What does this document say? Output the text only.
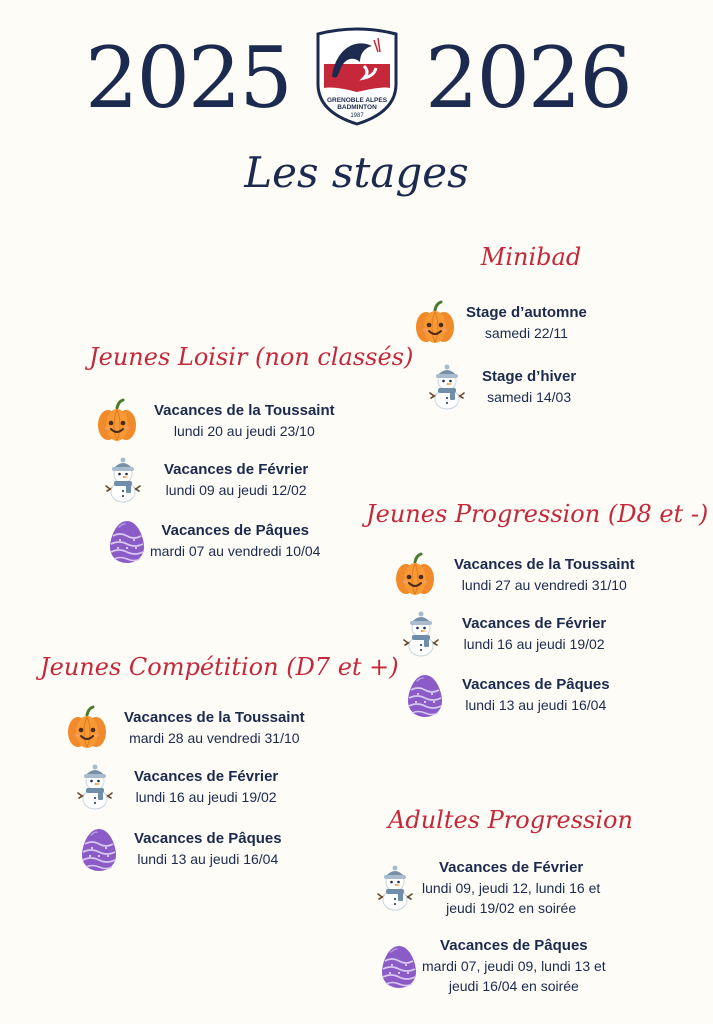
2025 2026
GRENOBLE ALPES
BADMINTON
1987
Les stages
Minibad
Stage d’automne
samedi 22/11
Stage d’hiver
samedi 14/03
Jeunes Loisir (non classés)
Vacances de la Toussaint
lundi 20 au jeudi 23/10
Vacances de Février
lundi 09 au jeudi 12/02
Vacances de Pâques
mardi 07 au vendredi 10/04
Jeunes Progression (D8 et -)
Vacances de la Toussaint
lundi 27 au vendredi 31/10
Vacances de Février
lundi 16 au jeudi 19/02
Vacances de Pâques
lundi 13 au jeudi 16/04
Jeunes Compétition (D7 et +)
Vacances de la Toussaint
mardi 28 au vendredi 31/10
Vacances de Février
lundi 16 au jeudi 19/02
Vacances de Pâques
lundi 13 au jeudi 16/04
Adultes Progression
Vacances de Février
lundi 09, jeudi 12, lundi 16 et
jeudi 19/02 en soirée
Vacances de Pâques
mardi 07, jeudi 09, lundi 13 et
jeudi 16/04 en soirée
